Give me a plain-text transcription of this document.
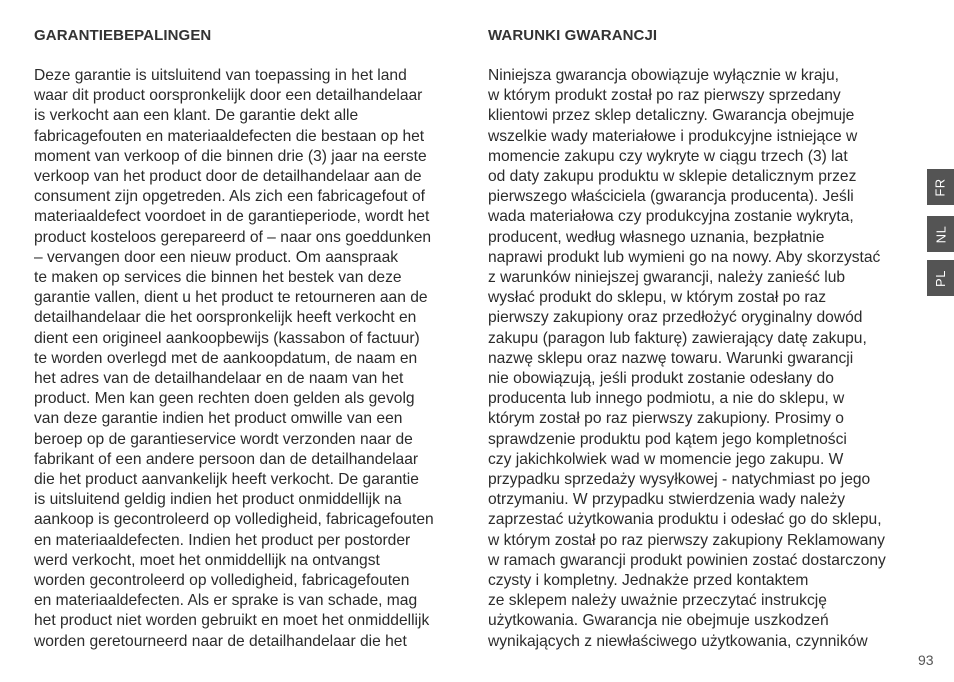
GARANTIEBEPALINGEN
Deze garantie is uitsluitend van toepassing in het land
waar dit product oorspronkelijk door een detailhandelaar
is verkocht aan een klant. De garantie dekt alle
fabricagefouten en materiaaldefecten die bestaan op het
moment van verkoop of die binnen drie (3) jaar na eerste
verkoop van het product door de detailhandelaar aan de
consument zijn opgetreden. Als zich een fabricagefout of
materiaaldefect voordoet in de garantieperiode, wordt het
product kosteloos gerepareerd of – naar ons goeddunken
– vervangen door een nieuw product. Om aanspraak
te maken op services die binnen het bestek van deze
garantie vallen, dient u het product te retourneren aan de
detailhandelaar die het oorspronkelijk heeft verkocht en
dient een origineel aankoopbewijs (kassabon of factuur)
te worden overlegd met de aankoopdatum, de naam en
het adres van de detailhandelaar en de naam van het
product. Men kan geen rechten doen gelden als gevolg
van deze garantie indien het product omwille van een
beroep op de garantieservice wordt verzonden naar de
fabrikant of een andere persoon dan de detailhandelaar
die het product aanvankelijk heeft verkocht. De garantie
is uitsluitend geldig indien het product onmiddellijk na
aankoop is gecontroleerd op volledigheid, fabricagefouten
en materiaaldefecten. Indien het product per postorder
werd verkocht, moet het onmiddellijk na ontvangst
worden gecontroleerd op volledigheid, fabricagefouten
en materiaaldefecten. Als er sprake is van schade, mag
het product niet worden gebruikt en moet het onmiddellijk
worden geretourneerd naar de detailhandelaar die het
WARUNKI GWARANCJI
Niniejsza gwarancja obowiązuje wyłącznie w kraju,
w którym produkt został po raz pierwszy sprzedany
klientowi przez sklep detaliczny. Gwarancja obejmuje
wszelkie wady materiałowe i produkcyjne istniejące w
momencie zakupu czy wykryte w ciągu trzech (3) lat
od daty zakupu produktu w sklepie detalicznym przez
pierwszego właściciela (gwarancja producenta). Jeśli
wada materiałowa czy produkcyjna zostanie wykryta,
producent, według własnego uznania, bezpłatnie
naprawi produkt lub wymieni go na nowy. Aby skorzystać
z warunków niniejszej gwarancji, należy zanieść lub
wysłać produkt do sklepu, w którym został po raz
pierwszy zakupiony oraz przedłożyć oryginalny dowód
zakupu (paragon lub fakturę) zawierający datę zakupu,
nazwę sklepu oraz nazwę towaru. Warunki gwarancji
nie obowiązują, jeśli produkt zostanie odesłany do
producenta lub innego podmiotu, a nie do sklepu, w
którym został po raz pierwszy zakupiony. Prosimy o
sprawdzenie produktu pod kątem jego kompletności
czy jakichkolwiek wad w momencie jego zakupu. W
przypadku sprzedaży wysyłkowej - natychmiast po jego
otrzymaniu. W przypadku stwierdzenia wady należy
zaprzestać użytkowania produktu i odesłać go do sklepu,
w którym został po raz pierwszy zakupiony Reklamowany
w ramach gwarancji produkt powinien zostać dostarczony
czysty i kompletny. Jednakże przed kontaktem
ze sklepem należy uważnie przeczytać instrukcję
użytkowania. Gwarancja nie obejmuje uszkodzeń
wynikających z niewłaściwego użytkowania, czynników
FR
NL
PL
93
